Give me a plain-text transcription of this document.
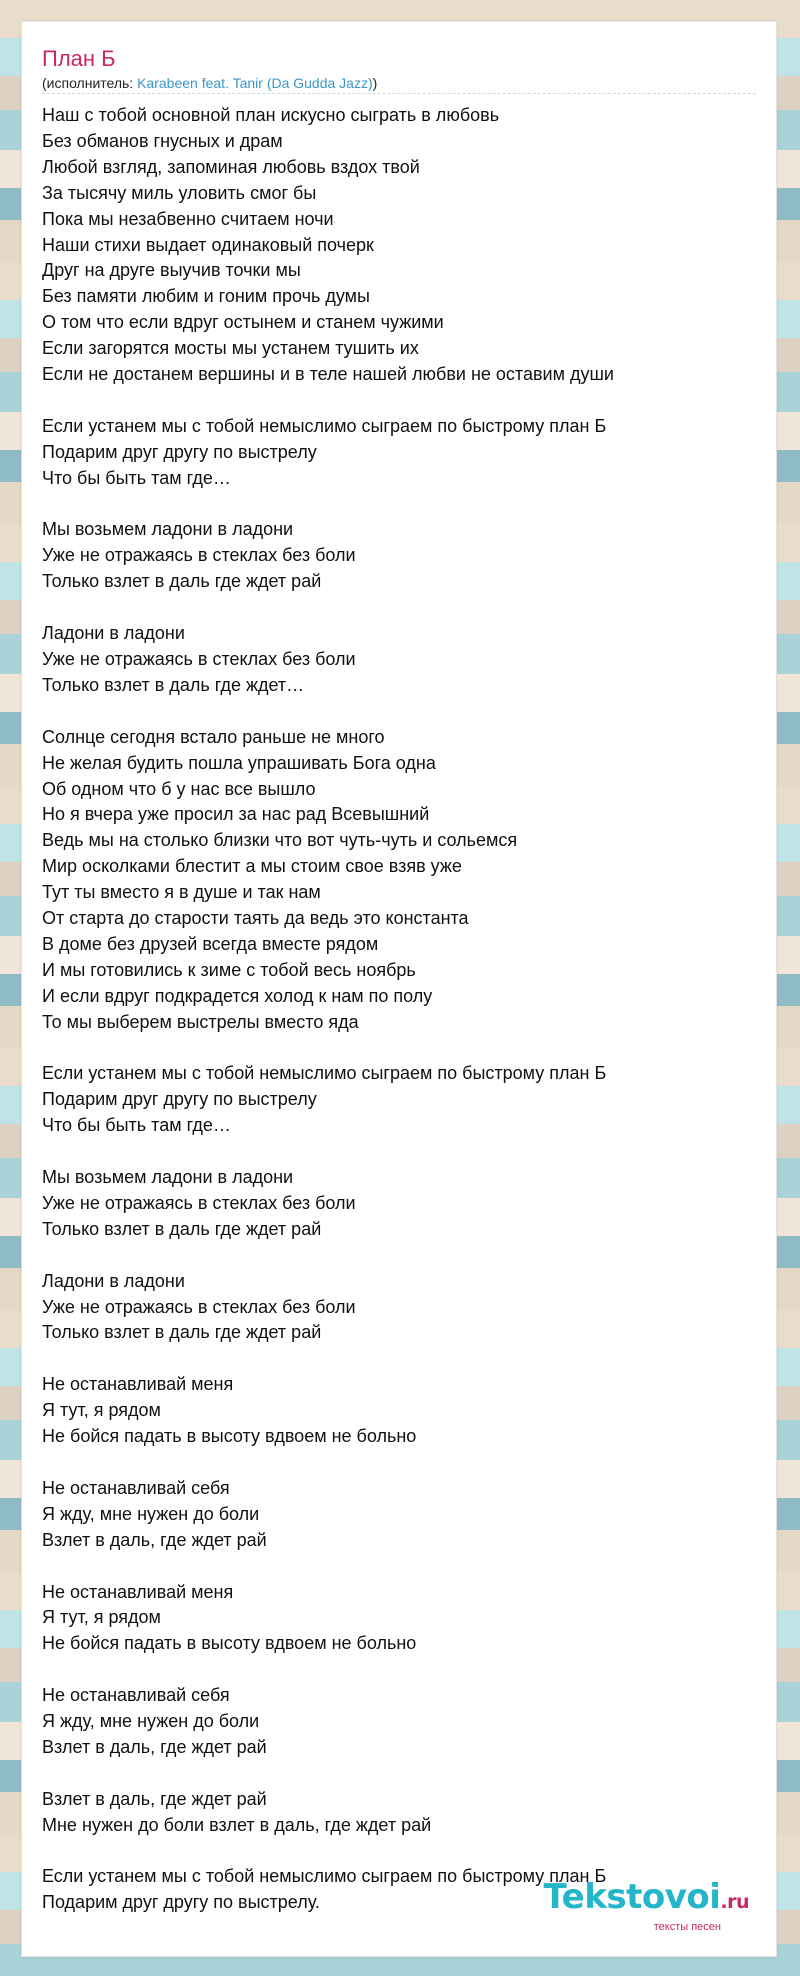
План Б
(исполнитель: Karabeen feat. Tanir (Da Gudda Jazz))
Наш с тобой основной план искусно сыграть в любовь
Без обманов гнусных и драм
Любой взгляд, запоминая любовь вздох твой
За тысячу миль уловить смог бы
Пока мы незабвенно считаем ночи
Наши стихи выдает одинаковый почерк
Друг на друге выучив точки мы
Без памяти любим и гоним прочь думы
О том что если вдруг остынем и станем чужими
Если загорятся мосты мы устанем тушить их
Если не достанем вершины и в теле нашей любви не оставим души
Если устанем мы с тобой немыслимо сыграем по быстрому план Б
Подарим друг другу по выстрелу
Что бы быть там где…
Мы возьмем ладони в ладони
Уже не отражаясь в стеклах без боли
Только взлет в даль где ждет рай
Ладони в ладони
Уже не отражаясь в стеклах без боли
Только взлет в даль где ждет…
Солнце сегодня встало раньше не много
Не желая будить пошла упрашивать Бога одна
Об одном что б у нас все вышло
Но я вчера уже просил за нас рад Всевышний
Ведь мы на столько близки что вот чуть-чуть и сольемся
Мир осколками блестит а мы стоим свое взяв уже
Тут ты вместо я в душе и так нам
От старта до старости таять да ведь это константа
В доме без друзей всегда вместе рядом
И мы готовились к зиме с тобой весь ноябрь
И если вдруг подкрадется холод к нам по полу
То мы выберем выстрелы вместо яда
Если устанем мы с тобой немыслимо сыграем по быстрому план Б
Подарим друг другу по выстрелу
Что бы быть там где…
Мы возьмем ладони в ладони
Уже не отражаясь в стеклах без боли
Только взлет в даль где ждет рай
Ладони в ладони
Уже не отражаясь в стеклах без боли
Только взлет в даль где ждет рай
Не останавливай меня
Я тут, я рядом
Не бойся падать в высоту вдвоем не больно
Не останавливай себя
Я жду, мне нужен до боли
Взлет в даль, где ждет рай
Не останавливай меня
Я тут, я рядом
Не бойся падать в высоту вдвоем не больно
Не останавливай себя
Я жду, мне нужен до боли
Взлет в даль, где ждет рай
Взлет в даль, где ждет рай
Мне нужен до боли взлет в даль, где ждет рай
Если устанем мы с тобой немыслимо сыграем по быстрому план Б
Подарим друг другу по выстрелу.	Tekstovoi.ru
тексты песен
